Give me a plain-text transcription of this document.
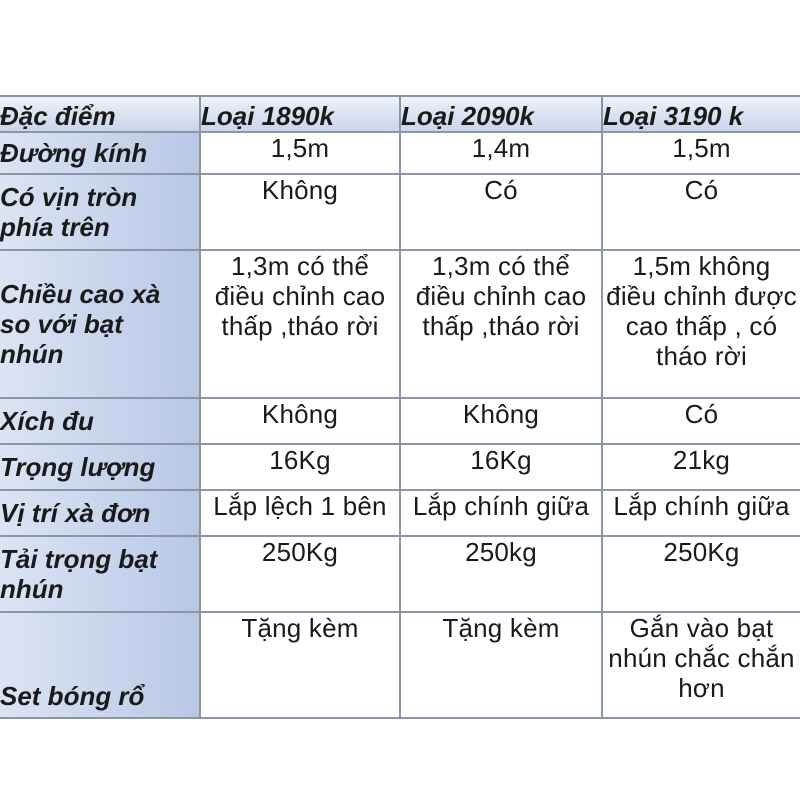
Đặc điểm	Loại 1890k	Loại 2090k	Loại 3190 k

Đường kính	1,5m	1,4m	1,5m

Có vịn tròn
phía trên	Không	Có	Có

Chiều cao xà
so với bạt
nhún	1,3m có thể
điều chỉnh cao
thấp ,tháo rời	1,3m có thể
điều chỉnh cao
thấp ,tháo rời	1,5m không
điều chỉnh được
cao thấp , có
tháo rời

Xích đu	Không	Không	Có

Trọng lượng	16Kg	16Kg	21kg

Vị trí xà đơn	Lắp lệch 1 bên	Lắp chính giữa	Lắp chính giữa

Tải trọng bạt
nhún	250Kg	250kg	250Kg

Set bóng rổ	Tặng kèm	Tặng kèm	Gắn vào bạt
nhún chắc chắn
hơn
